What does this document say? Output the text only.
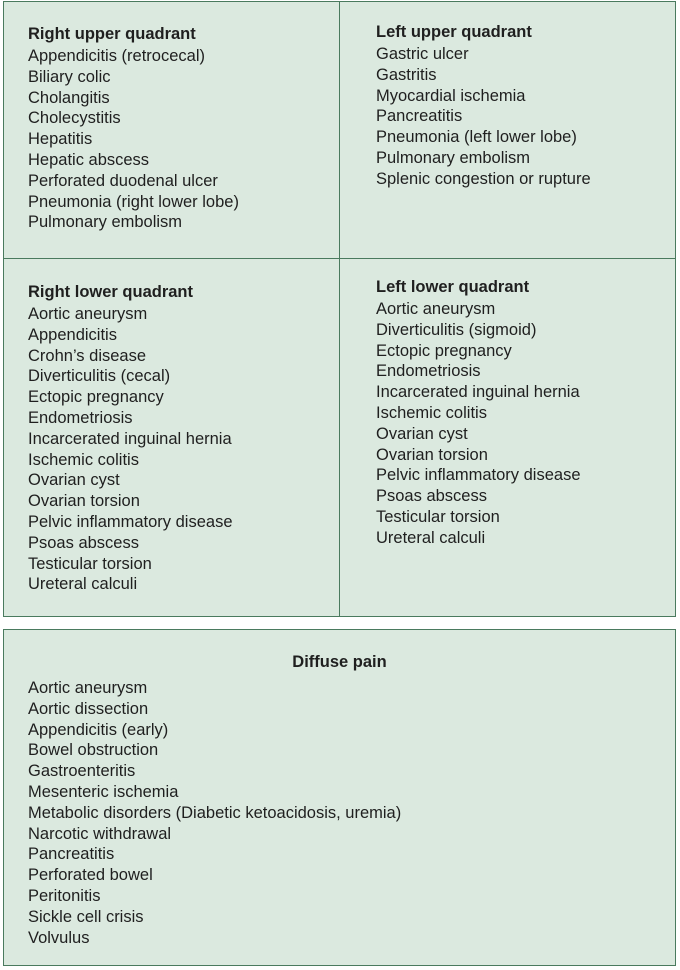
Right upper quadrant
Appendicitis (retrocecal)
Biliary colic
Cholangitis
Cholecystitis
Hepatitis
Hepatic abscess
Perforated duodenal ulcer
Pneumonia (right lower lobe)
Pulmonary embolism
Left upper quadrant
Gastric ulcer
Gastritis
Myocardial ischemia
Pancreatitis
Pneumonia (left lower lobe)
Pulmonary embolism
Splenic congestion or rupture
Right lower quadrant
Aortic aneurysm
Appendicitis
Crohn’s disease
Diverticulitis (cecal)
Ectopic pregnancy
Endometriosis
Incarcerated inguinal hernia
Ischemic colitis
Ovarian cyst
Ovarian torsion
Pelvic inflammatory disease
Psoas abscess
Testicular torsion
Ureteral calculi
Left lower quadrant
Aortic aneurysm
Diverticulitis (sigmoid)
Ectopic pregnancy
Endometriosis
Incarcerated inguinal hernia
Ischemic colitis
Ovarian cyst
Ovarian torsion
Pelvic inflammatory disease
Psoas abscess
Testicular torsion
Ureteral calculi
Diffuse pain
Aortic aneurysm
Aortic dissection
Appendicitis (early)
Bowel obstruction
Gastroenteritis
Mesenteric ischemia
Metabolic disorders (Diabetic ketoacidosis, uremia)
Narcotic withdrawal
Pancreatitis
Perforated bowel
Peritonitis
Sickle cell crisis
Volvulus
